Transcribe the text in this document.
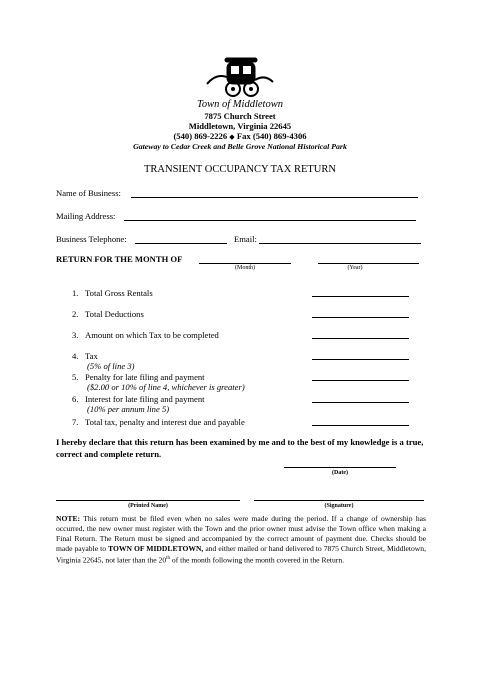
Town of Middletown
7875 Church Street
Middletown, Virginia 22645
(540) 869-2226 ◆ Fax (540) 869-4306
Gateway to Cedar Creek and Belle Grove National Historical Park
TRANSIENT OCCUPANCY TAX RETURN
Name of Business:
Mailing Address:
Business Telephone:	Email:
RETURN FOR THE MONTH OF
(Month)	(Year)
1. Total Gross Rentals
2. Total Deductions
3. Amount on which Tax to be completed
4. Tax
(5% of line 3)
5. Penalty for late filing and payment
($2.00 or 10% of line 4, whichever is greater)
6. Interest for late filing and payment
(10% per annum line 5)
7. Total tax, penalty and interest due and payable
I hereby declare that this return has been examined by me and to the best of my knowledge is a true, correct and complete return.
(Date)
(Printed Name)	(Signature)
NOTE: This return must be filed even when no sales were made during the period. If a change of ownership has occurred, the new owner must register with the Town and the prior owner must advise the Town office when making a Final Return. The Return must be signed and accompanied by the correct amount of payment due. Checks should be made payable to TOWN OF MIDDLETOWN, and either mailed or hand delivered to 7875 Church Street, Middletown, Virginia 22645, not later than the 20th of the month following the month covered in the Return.
